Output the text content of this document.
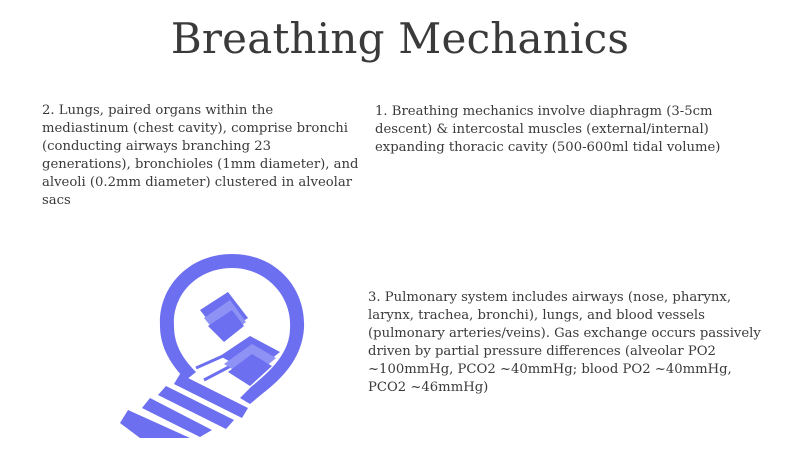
Breathing Mechanics

2. Lungs, paired organs within the mediastinum (chest cavity), comprise bronchi (conducting airways branching 23 generations), bronchioles (1mm diameter), and alveoli (0.2mm diameter) clustered in alveolar sacs

1. Breathing mechanics involve diaphragm (3-5cm descent) & intercostal muscles (external/internal) expanding thoracic cavity (500-600ml tidal volume)

3. Pulmonary system includes airways (nose, pharynx, larynx, trachea, bronchi), lungs, and blood vessels (pulmonary arteries/veins). Gas exchange occurs passively driven by partial pressure differences (alveolar PO2 ~100mmHg, PCO2 ~40mmHg; blood PO2 ~40mmHg, PCO2 ~46mmHg)
